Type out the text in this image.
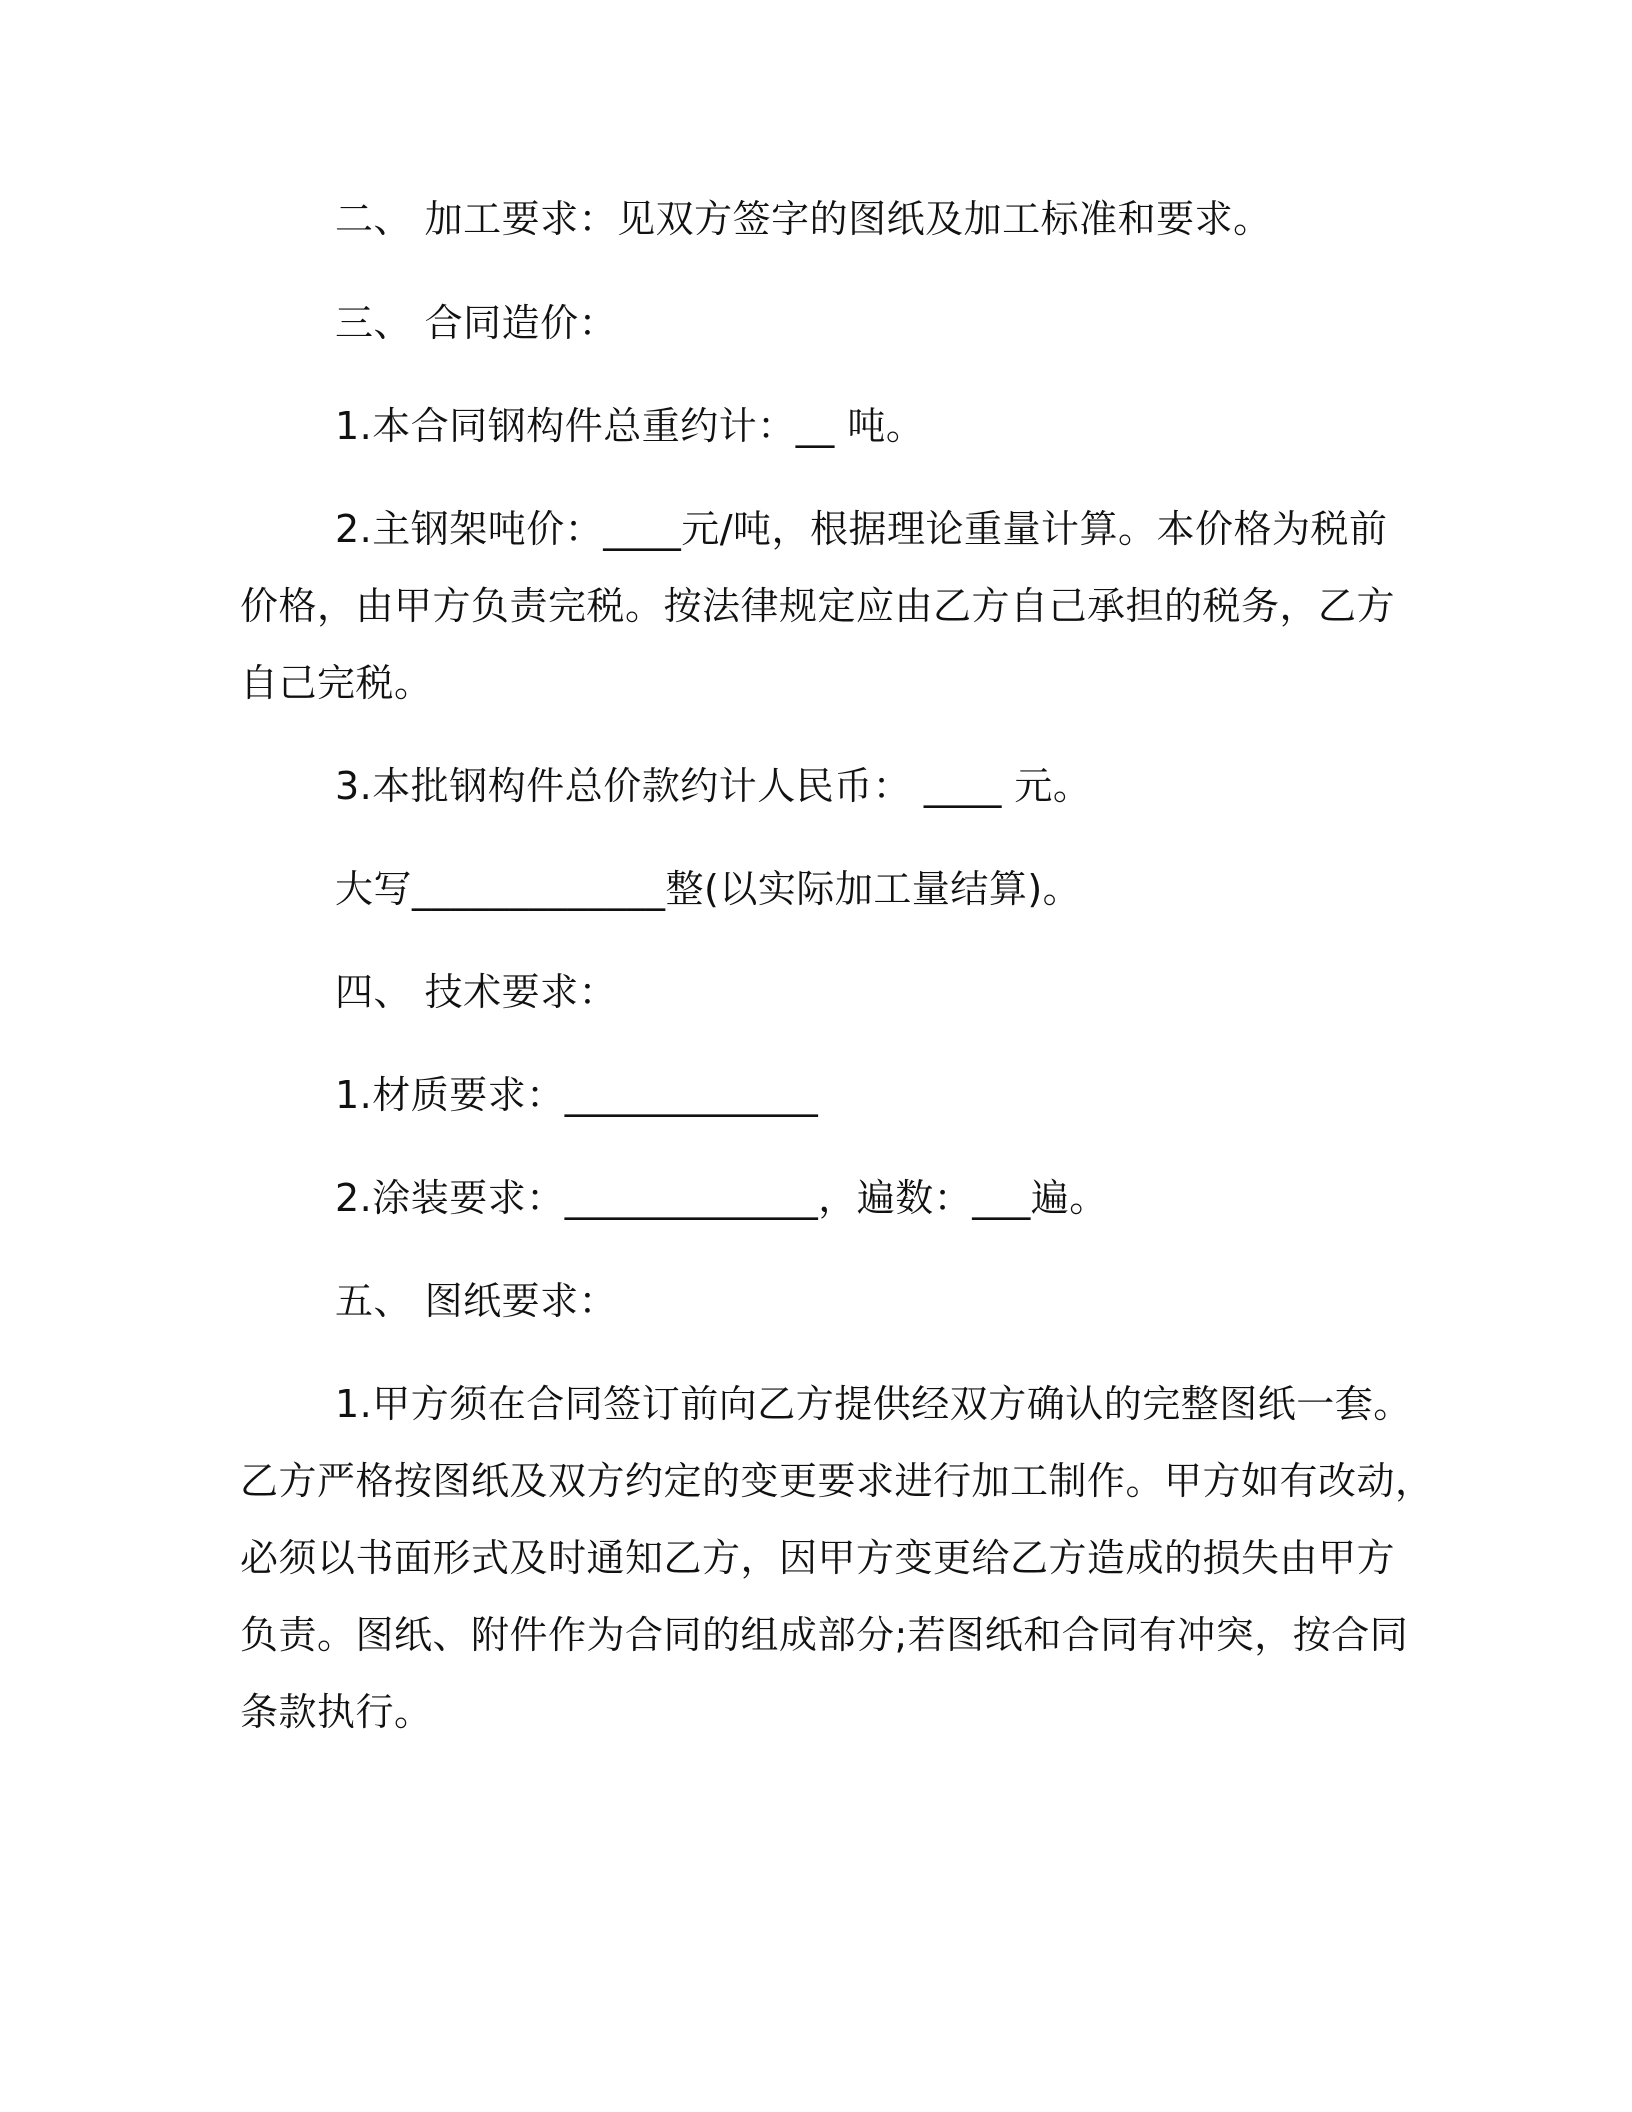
二、 加工要求：见双方签字的图纸及加工标准和要求。

三、 合同造价：

1.本合同钢构件总重约计：__ 吨。

2.主钢架吨价：____元/吨，根据理论重量计算。本价格为税前

价格，由甲方负责完税。按法律规定应由乙方自己承担的税务，乙方

自己完税。

3.本批钢构件总价款约计人民币： ____ 元。

大写_____________整(以实际加工量结算)。

四、 技术要求：

1.材质要求：_____________

2.涂装要求：_____________，遍数：___遍。

五、 图纸要求：

1.甲方须在合同签订前向乙方提供经双方确认的完整图纸一套。

乙方严格按图纸及双方约定的变更要求进行加工制作。甲方如有改动，

必须以书面形式及时通知乙方，因甲方变更给乙方造成的损失由甲方

负责。图纸、附件作为合同的组成部分;若图纸和合同有冲突，按合同

条款执行。
